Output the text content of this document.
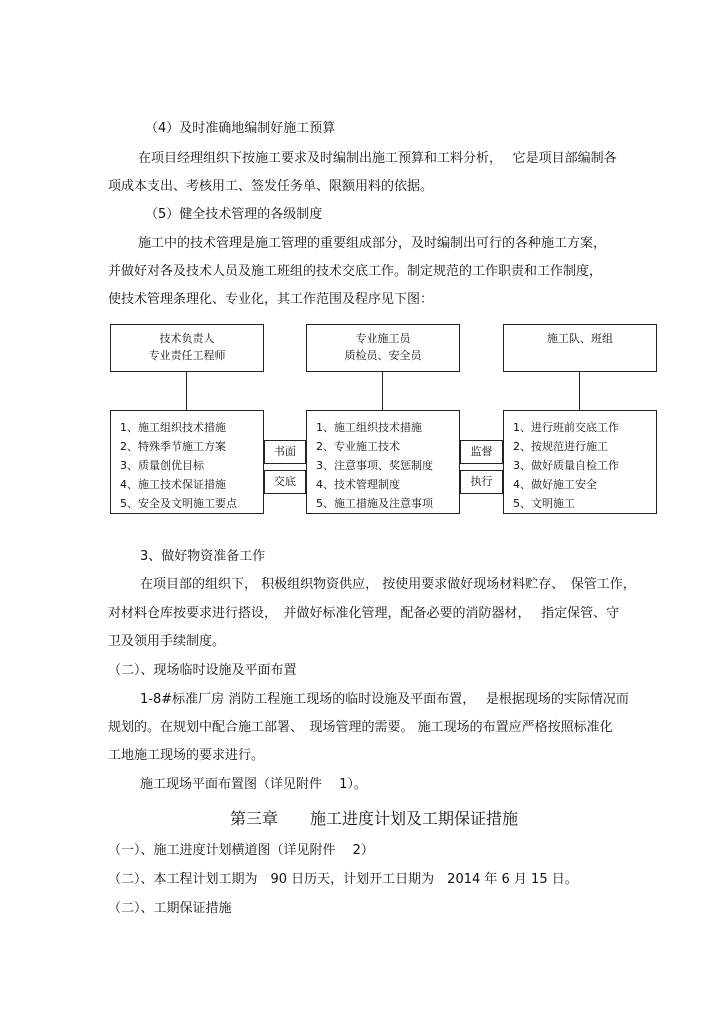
（4）及时准确地编制好施工预算
在项目经理组织下按施工要求及时编制出施工预算和工料分析，　 它是项目部编制各
项成本支出、考核用工、签发任务单、限额用料的依据。
（5）健全技术管理的各级制度
施工中的技术管理是施工管理的重要组成部分，及时编制出可行的各种施工方案，
并做好对各及技术人员及施工班组的技术交底工作。制定规范的工作职责和工作制度，
使技术管理条理化、专业化，其工作范围及程序见下图：
技术负责人
专业责任工程师
专业施工员
质检员、安全员
施工队、班组
1、施工组织技术措施
2、特殊季节施工方案
3、质量创优目标
4、施工技术保证措施
5、安全及文明施工要点
1、施工组织技术措施
2、专业施工技术
3、注意事项、奖惩制度
4、技术管理制度
5、施工措施及注意事项
1、进行班前交底工作
2、按规范进行施工
3、做好质量自检工作
4、做好施工安全
5、文明施工
书面
交底
监督
执行
3、做好物资准备工作
在项目部的组织下， 积极组织物资供应， 按使用要求做好现场材料贮存、　保管工作，
对材料仓库按要求进行搭设，　并做好标准化管理，配备必要的消防器材，　 指定保管、守
卫及领用手续制度。
（二）、现场临时设施及平面布置
1-8#标准厂房 消防工程施工现场的临时设施及平面布置，　 是根据现场的实际情况而
规划的。在规划中配合施工部署、　现场管理的需要。 施工现场的布置应严格按照标准化
工地施工现场的要求进行。
施工现场平面布置图（详见附件　 1）。
第三章　　施工进度计划及工期保证措施
（一）、施工进度计划横道图（详见附件　 2）
（二）、本工程计划工期为　90 日历天，计划开工日期为　2014 年 6 月 15 日。
（二）、工期保证措施
